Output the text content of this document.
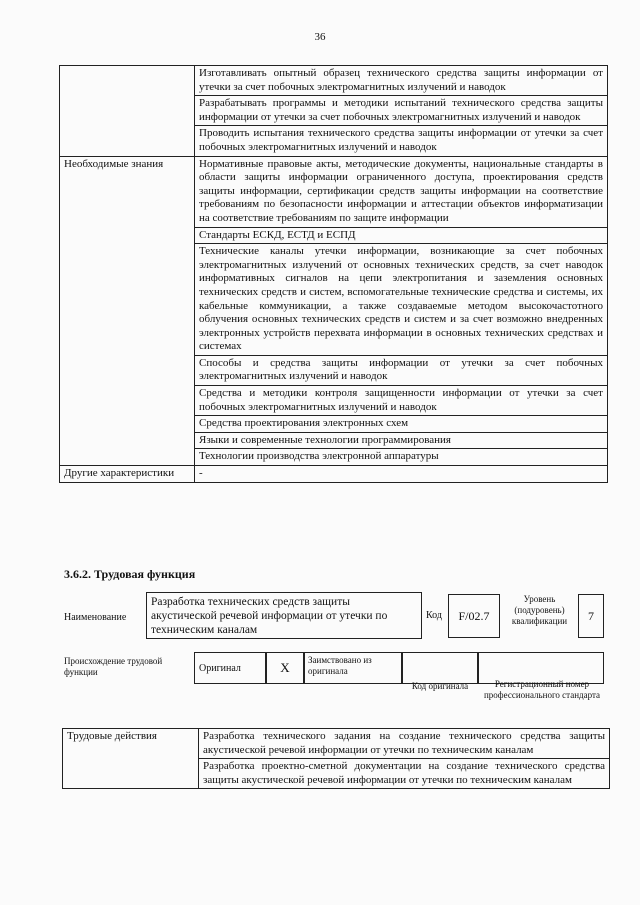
36
	Изготавливать опытный образец технического средства защиты информации от утечки за счет побочных электромагнитных излучений и наводок
	Разрабатывать программы и методики испытаний технического средства защиты информации от утечки за счет побочных электромагнитных излучений и наводок
	Проводить испытания технического средства защиты информации от утечки за счет побочных электромагнитных излучений и наводок
Необходимые знания	Нормативные правовые акты, методические документы, национальные стандарты в области защиты информации ограниченного доступа, проектирования средств защиты информации, сертификации средств защиты информации на соответствие требованиям по безопасности информации и аттестации объектов информатизации на соответствие требованиям по защите информации
	Стандарты ЕСКД, ЕСТД и ЕСПД
	Технические каналы утечки информации, возникающие за счет побочных электромагнитных излучений от основных технических средств, за счет наводок информативных сигналов на цепи электропитания и заземления основных технических средств и систем, вспомогательные технические средства и системы, их кабельные коммуникации, а также создаваемые методом высокочастотного облучения основных технических средств и систем и за счет возможно внедренных электронных устройств перехвата информации в основных технических средствах и системах
	Способы и средства защиты информации от утечки за счет побочных электромагнитных излучений и наводок
	Средства и методики контроля защищенности информации от утечки за счет побочных электромагнитных излучений и наводок
	Средства проектирования электронных схем
	Языки и современные технологии программирования
	Технологии производства электронной аппаратуры
Другие характеристики	-
3.6.2. Трудовая функция
Наименование
Разработка технических средств защиты акустической речевой информации от утечки по техническим каналам
Код	F/02.7
Уровень (подуровень) квалификации	7
Происхождение трудовой функции	Оригинал	X	Заимствовано из оригинала
Код оригинала	Регистрационный номер профессионального стандарта
Трудовые действия	Разработка технического задания на создание технического средства защиты акустической речевой информации от утечки по техническим каналам
Разработка проектно-сметной документации на создание технического средства защиты акустической речевой информации от утечки по техническим каналам
